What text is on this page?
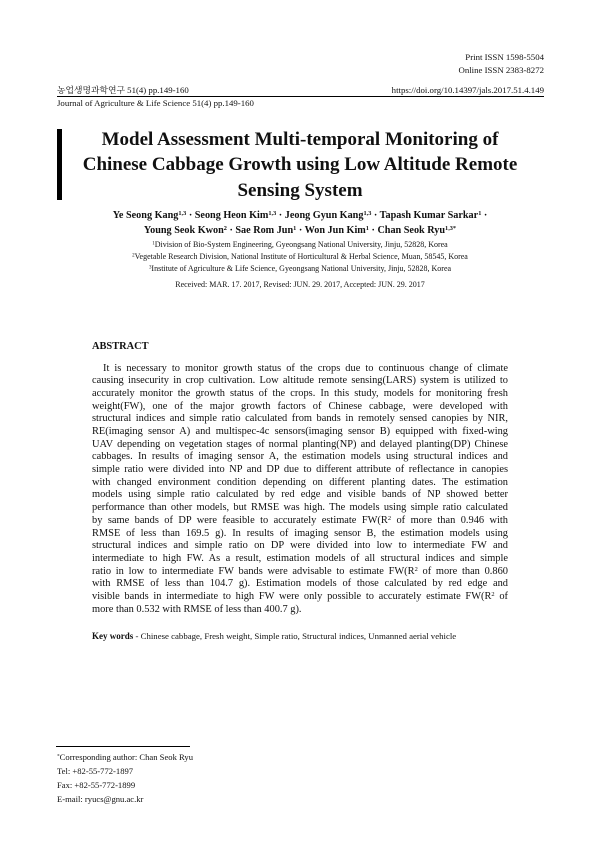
Print ISSN 1598-5504
Online ISSN 2383-8272
농업생명과학연구 51(4) pp.149-160	https://doi.org/10.14397/jals.2017.51.4.149
Journal of Agriculture & Life Science 51(4) pp.149-160
Model Assessment Multi-temporal Monitoring of
Chinese Cabbage Growth using Low Altitude Remote
Sensing System
Ye Seong Kang$^{1,3}$ · Seong Heon Kim$^{1,3}$ · Jeong Gyun Kang$^{1,3}$ · Tapash Kumar Sarkar$^1$ ·
Young Seok Kwon$^2$ · Sae Rom Jun$^1$ · Won Jun Kim$^1$ · Chan Seok Ryu$^{1,3*}$
$^1$Division of Bio-System Engineering, Gyeongsang National University, Jinju, 52828, Korea
$^2$Vegetable Research Division, National Institute of Horticultural & Herbal Science, Muan, 58545, Korea
$^3$Institute of Agriculture & Life Science, Gyeongsang National University, Jinju, 52828, Korea
Received: MAR. 17. 2017, Revised: JUN. 29. 2017, Accepted: JUN. 29. 2017
ABSTRACT
It is necessary to monitor growth status of the crops due to continuous change of climate
causing insecurity in crop cultivation. Low altitude remote sensing(LARS) system is utilized to
accurately monitor the growth status of the crops. In this study, models for monitoring fresh
weight(FW), one of the major growth factors of Chinese cabbage, were developed with
structural indices and simple ratio calculated from bands in remotely sensed canopies by NIR,
RE(imaging sensor A) and multispec-4c sensors(imaging sensor B) equipped with fixed-wing
UAV depending on vegetation stages of normal planting(NP) and delayed planting(DP) Chinese
cabbages. In results of imaging sensor A, the estimation models using structural indices and
simple ratio were divided into NP and DP due to different attribute of reflectance in canopies
with changed environment condition depending on different planting dates. The estimation
models using simple ratio calculated by red edge and visible bands of NP showed better
performance than other models, but RMSE was high. The models using simple ratio calculated
by same bands of DP were feasible to accurately estimate $FW(R^2$ of more than 0.946 with
RMSE of less than 169.5 g). In results of imaging sensor B, the estimation models using
structural indices and simple ratio on DP were divided into low to intermediate FW and
intermediate to high FW. As a result, estimation models of all structural indices and simple
ratio in low to intermediate FW bands were advisable to estimate $FW(R^2$ of more than 0.860
with RMSE of less than 104.7 g). Estimation models of those calculated by red edge and
visible bands in intermediate to high FW were only possible to accurately estimate $FW(R^2$ of
more than 0.532 with RMSE of less than 400.7 g).
Key words - Chinese cabbage, Fresh weight, Simple ratio, Structural indices, Unmanned aerial vehicle
*Corresponding author: Chan Seok Ryu
Tel: +82-55-772-1897
Fax: +82-55-772-1899
E-mail: ryucs@gnu.ac.kr
